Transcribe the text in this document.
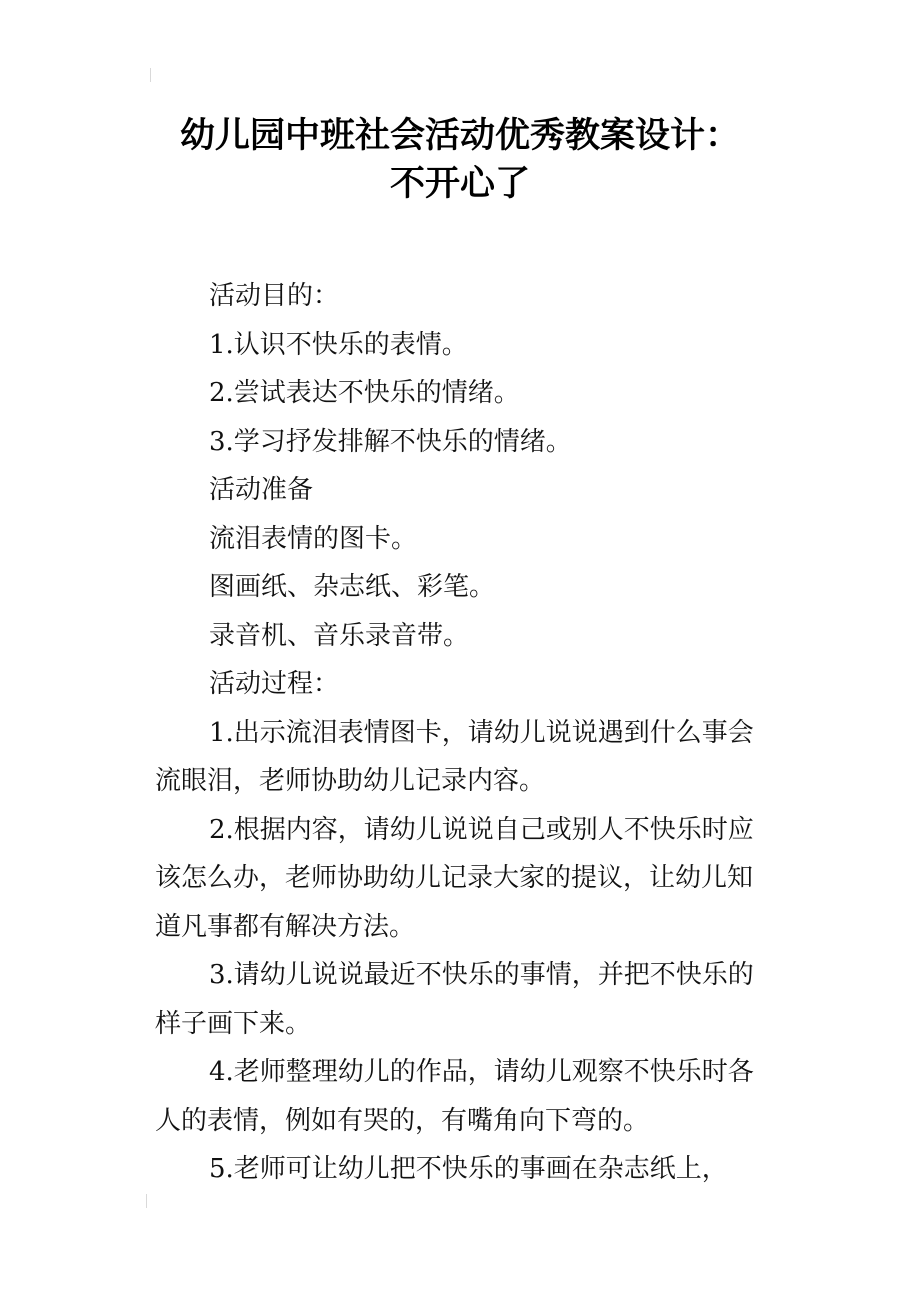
幼儿园中班社会活动优秀教案设计：
不开心了

活动目的：

1.认识不快乐的表情。

2.尝试表达不快乐的情绪。

3.学习抒发排解不快乐的情绪。

活动准备

流泪表情的图卡。

图画纸、杂志纸、彩笔。

录音机、音乐录音带。

活动过程：

1.出示流泪表情图卡，请幼儿说说遇到什么事会流眼泪，老师协助幼儿记录内容。

2.根据内容，请幼儿说说自己或别人不快乐时应该怎么办，老师协助幼儿记录大家的提议，让幼儿知道凡事都有解决方法。

3.请幼儿说说最近不快乐的事情，并把不快乐的样子画下来。

4.老师整理幼儿的作品，请幼儿观察不快乐时各人的表情，例如有哭的，有嘴角向下弯的。

5.老师可让幼儿把不快乐的事画在杂志纸上，
